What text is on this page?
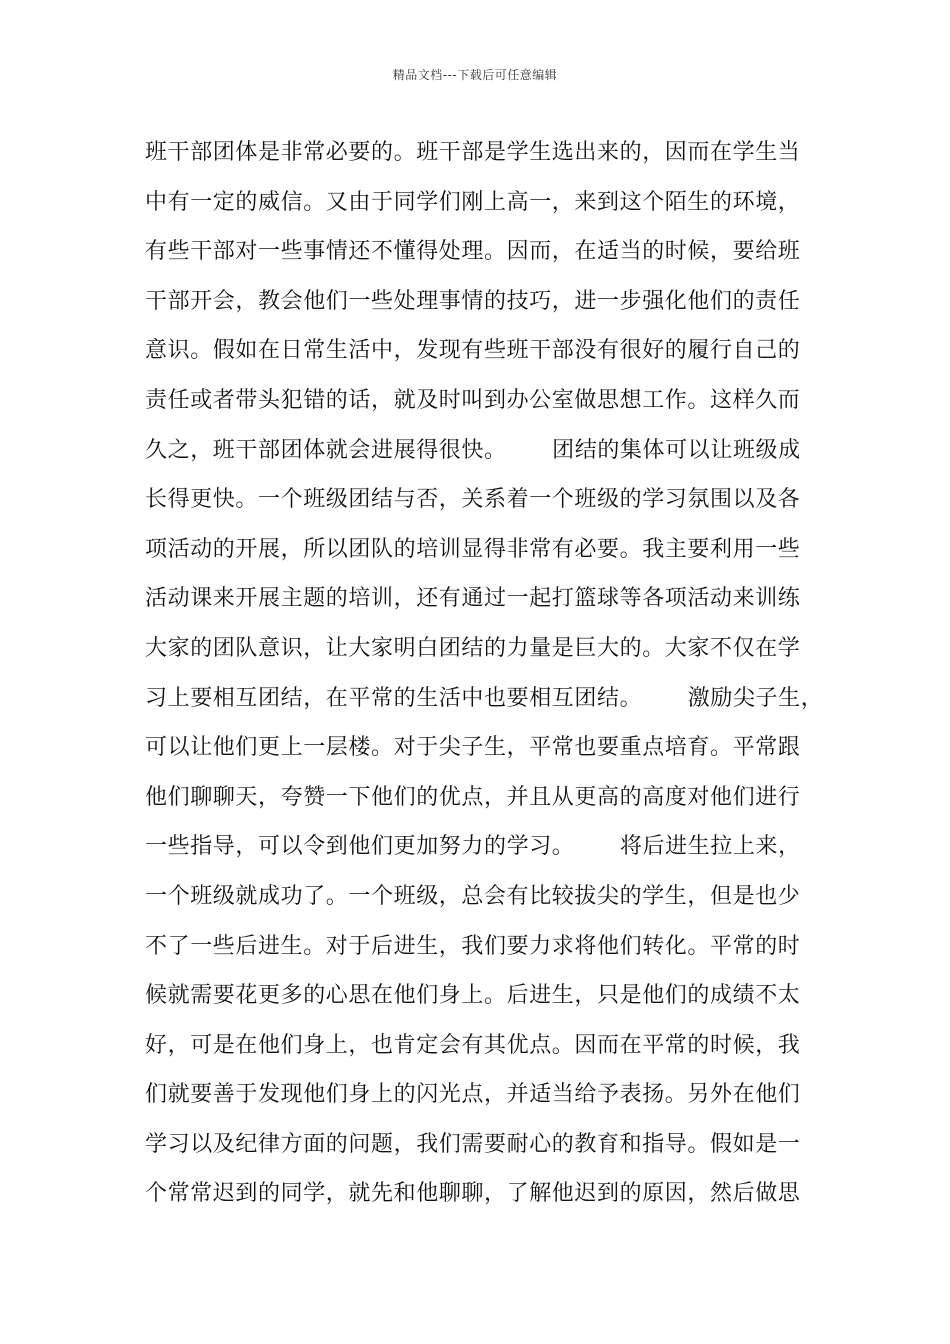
精品文档---下载后可任意编辑
班干部团体是非常必要的。班干部是学生选出来的，因而在学生当
中有一定的威信。又由于同学们刚上高一，来到这个陌生的环境，
有些干部对一些事情还不懂得处理。因而，在适当的时候，要给班
干部开会，教会他们一些处理事情的技巧，进一步强化他们的责任
意识。假如在日常生活中，发现有些班干部没有很好的履行自己的
责任或者带头犯错的话，就及时叫到办公室做思想工作。这样久而
久之，班干部团体就会进展得很快。      团结的集体可以让班级成
长得更快。一个班级团结与否，关系着一个班级的学习氛围以及各
项活动的开展，所以团队的培训显得非常有必要。我主要利用一些
活动课来开展主题的培训，还有通过一起打篮球等各项活动来训练
大家的团队意识，让大家明白团结的力量是巨大的。大家不仅在学
习上要相互团结，在平常的生活中也要相互团结。      激励尖子生，
可以让他们更上一层楼。对于尖子生，平常也要重点培育。平常跟
他们聊聊天，夸赞一下他们的优点，并且从更高的高度对他们进行
一些指导，可以令到他们更加努力的学习。      将后进生拉上来，
一个班级就成功了。一个班级，总会有比较拔尖的学生，但是也少
不了一些后进生。对于后进生，我们要力求将他们转化。平常的时
候就需要花更多的心思在他们身上。后进生，只是他们的成绩不太
好，可是在他们身上，也肯定会有其优点。因而在平常的时候，我
们就要善于发现他们身上的闪光点，并适当给予表扬。另外在他们
学习以及纪律方面的问题，我们需要耐心的教育和指导。假如是一
个常常迟到的同学，就先和他聊聊，了解他迟到的原因，然后做思
